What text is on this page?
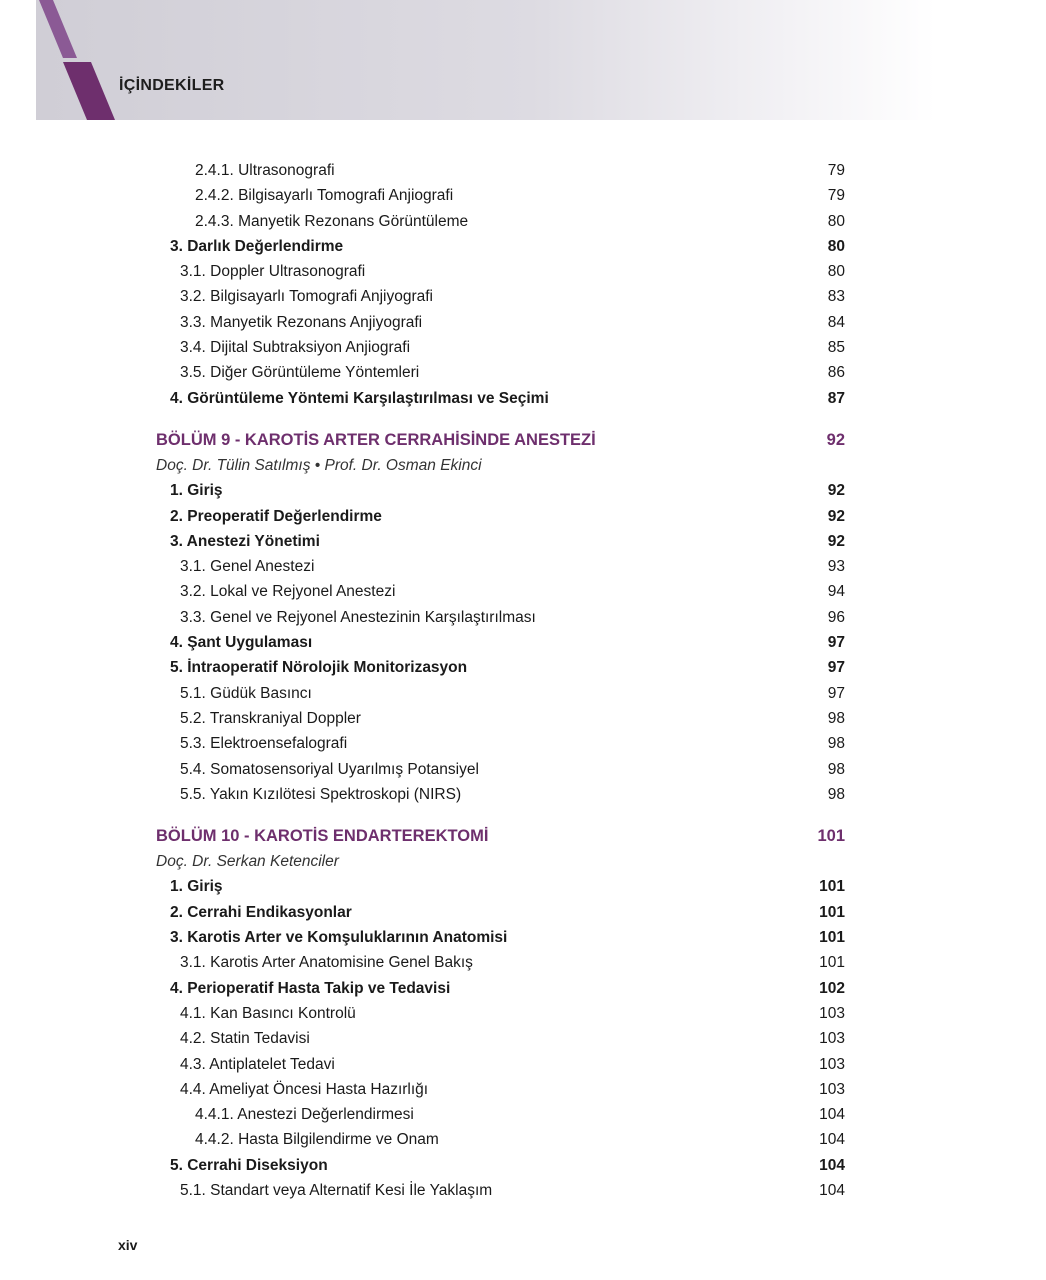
İÇİNDEKİLER
2.4.1. Ultrasonografi	79
2.4.2. Bilgisayarlı Tomografi Anjiografi	79
2.4.3. Manyetik Rezonans Görüntüleme	80
3. Darlık Değerlendirme	80
3.1. Doppler Ultrasonografi	80
3.2. Bilgisayarlı Tomografi Anjiyografi	83
3.3. Manyetik Rezonans Anjiyografi	84
3.4. Dijital Subtraksiyon Anjiografi	85
3.5. Diğer Görüntüleme Yöntemleri	86
4. Görüntüleme Yöntemi Karşılaştırılması ve Seçimi	87
BÖLÜM 9 - KAROTİS ARTER CERRAHİSİNDE ANESTEZİ	92
Doç. Dr. Tülin Satılmış • Prof. Dr. Osman Ekinci
1. Giriş	92
2. Preoperatif Değerlendirme	92
3. Anestezi Yönetimi	92
3.1. Genel Anestezi	93
3.2. Lokal ve Rejyonel Anestezi	94
3.3. Genel ve Rejyonel Anestezinin Karşılaştırılması	96
4. Şant Uygulaması	97
5. İntraoperatif Nörolojik Monitorizasyon	97
5.1. Güdük Basıncı	97
5.2. Transkraniyal Doppler	98
5.3. Elektroensefalografi	98
5.4. Somatosensoriyal Uyarılmış Potansiyel	98
5.5. Yakın Kızılötesi Spektroskopi (NIRS)	98
BÖLÜM 10 - KAROTİS ENDARTEREKTOMİ	101
Doç. Dr. Serkan Ketenciler
1. Giriş	101
2. Cerrahi Endikasyonlar	101
3. Karotis Arter ve Komşuluklarının Anatomisi	101
3.1. Karotis Arter Anatomisine Genel Bakış	101
4. Perioperatif Hasta Takip ve Tedavisi	102
4.1. Kan Basıncı Kontrolü	103
4.2. Statin Tedavisi	103
4.3. Antiplatelet Tedavi	103
4.4. Ameliyat Öncesi Hasta Hazırlığı	103
4.4.1. Anestezi Değerlendirmesi	104
4.4.2. Hasta Bilgilendirme ve Onam	104
5. Cerrahi Diseksiyon	104
5.1. Standart veya Alternatif Kesi İle Yaklaşım	104
xiv
